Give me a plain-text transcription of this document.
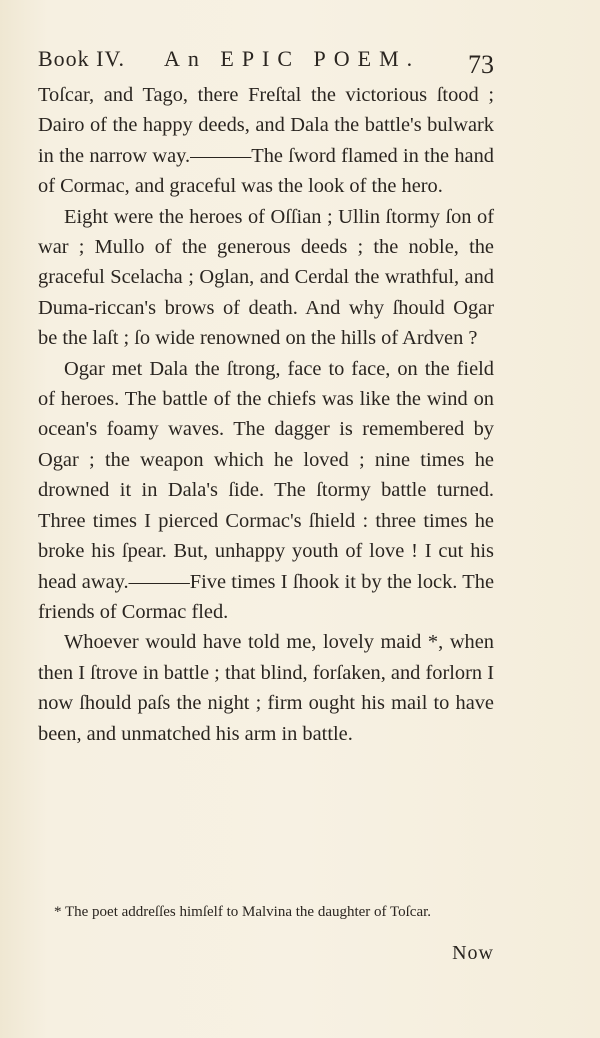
Book IV. An EPIC POEM. 73

Toſcar, and Tago, there Freſtal the victorious ſtood ; Dairo of the happy deeds, and Dala the battle's bulwark in the narrow way.———The ſword flamed in the hand of Cormac, and graceful was the look of the hero.

Eight were the heroes of Oſſian ; Ullin ſtormy ſon of war ; Mullo of the generous deeds ; the noble, the graceful Scelacha ; Oglan, and Cerdal the wrathful, and Duma-riccan's brows of death. And why ſhould Ogar be the laſt ; ſo wide renowned on the hills of Ardven ?

Ogar met Dala the ſtrong, face to face, on the field of heroes. The battle of the chiefs was like the wind on ocean's foamy waves. The dagger is remembered by Ogar ; the weapon which he loved ; nine times he drowned it in Dala's ſide. The ſtormy battle turned. Three times I pierced Cormac's ſhield : three times he broke his ſpear. But, unhappy youth of love ! I cut his head away.———Five times I ſhook it by the lock. The friends of Cormac fled.

Whoever would have told me, lovely maid *, when then I ſtrove in battle ; that blind, forſaken, and forlorn I now ſhould paſs the night ; firm ought his mail to have been, and unmatched his arm in battle.

* The poet addreſſes himſelf to Malvina the daughter of Toſcar.
Now
